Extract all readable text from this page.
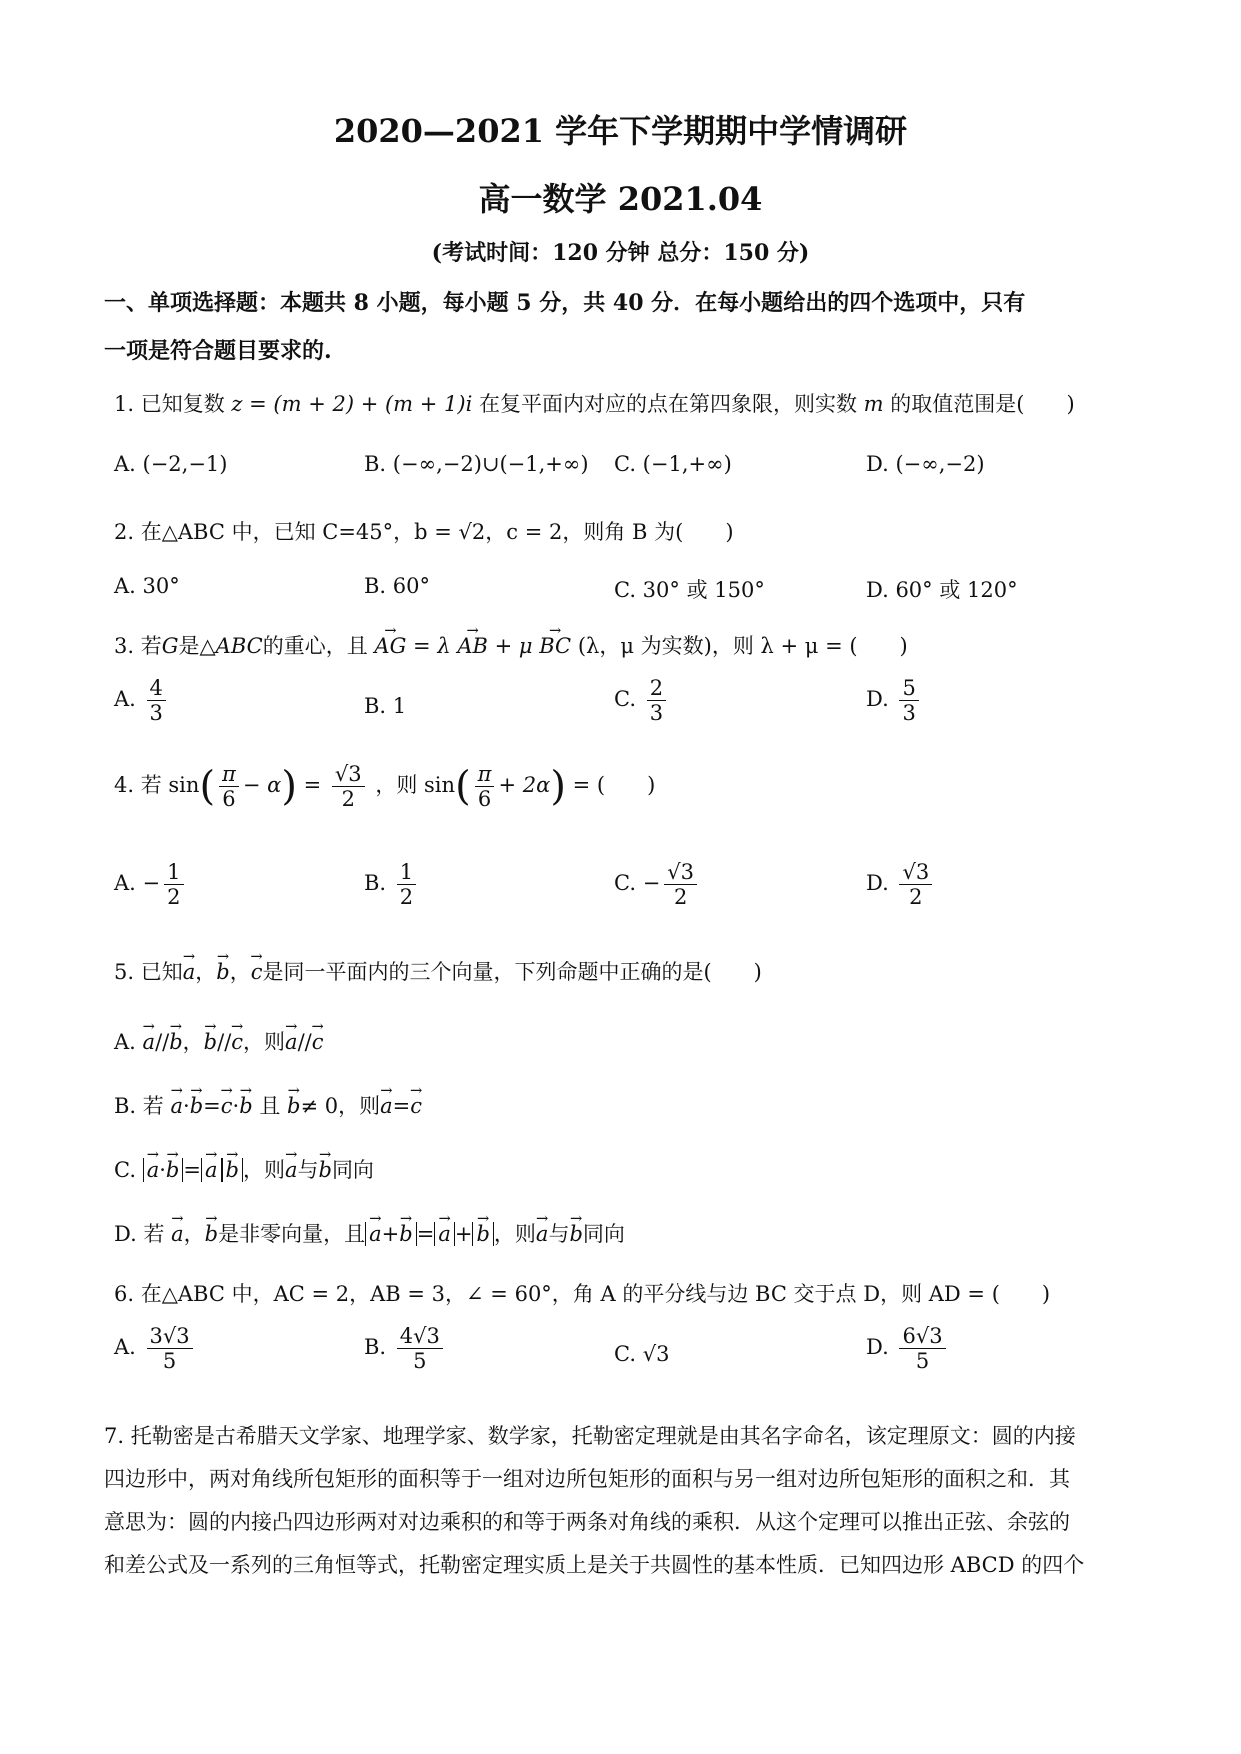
2020—2021 学年下学期期中学情调研
高一数学 2021.04
(考试时间：120 分钟 总分：150 分)
一、单项选择题：本题共 8 小题，每小题 5 分，共 40 分．在每小题给出的四个选项中，只有
一项是符合题目要求的.
1. 已知复数 z = (m + 2) + (m + 1)i 在复平面内对应的点在第四象限，则实数 m 的取值范围是(　　)
A. (−2,−1)	B. (−∞,−2)∪(−1,+∞) C. (−1,+∞)	D. (−∞,−2)
2. 在△ABC 中，已知 C=45°，b = √2，c = 2，则角 B 为(　　)
A. 30°	B. 60°	C. 30° 或 150°	D. 60° 或 120°
3. 若G是△ABC的重心，且 → AG = λ → AB + μ → BC (λ，μ 为实数)，则 λ + μ = (　　)
A. $\frac{4}{3}$	B. 1	C. $\frac{2}{3}$	D. $\frac{5}{3}$
4. 若 $\sin( \frac{\pi}{6} - \alpha) = \frac{√3}{2}$ ，则 $\sin( \frac{\pi}{6} + 2\alpha)$ = (　　)
A. − $\frac{1}{2}$	B. $\frac{1}{2}$	C. − $\frac{√3}{2}$	D. $\frac{√3}{2}$
5. 已知→ a，→ b，→ c是同一平面内的三个向量，下列命题中正确的是(　　)
A. → a//→ b，→ b//→ c，则→ a//→ c
B. 若 → a·→ b=→ c·→ b 且 → b≠ 0，则→ a=→ c
C. → a·→ b = → a → b ，则→ a与→ b同向
D. 若 → a，→ b是非零向量，且 → a+→ b = → a + → b ，则→ a与→ b同向
6. 在△ABC 中，AC = 2，AB = 3，∠ = 60°，角 A 的平分线与边 BC 交于点 D，则 AD = (　　)
A. $\frac{3√3}{5}$	B. $\frac{4√3}{5}$	C. √3	D. $\frac{6√3}{5}$
7. 托勒密是古希腊天文学家、地理学家、数学家，托勒密定理就是由其名字命名，该定理原文：圆的内接
四边形中，两对角线所包矩形的面积等于一组对边所包矩形的面积与另一组对边所包矩形的面积之和．其
意思为：圆的内接凸四边形两对对边乘积的和等于两条对角线的乘积．从这个定理可以推出正弦、余弦的
和差公式及一系列的三角恒等式，托勒密定理实质上是关于共圆性的基本性质．已知四边形 ABCD 的四个
